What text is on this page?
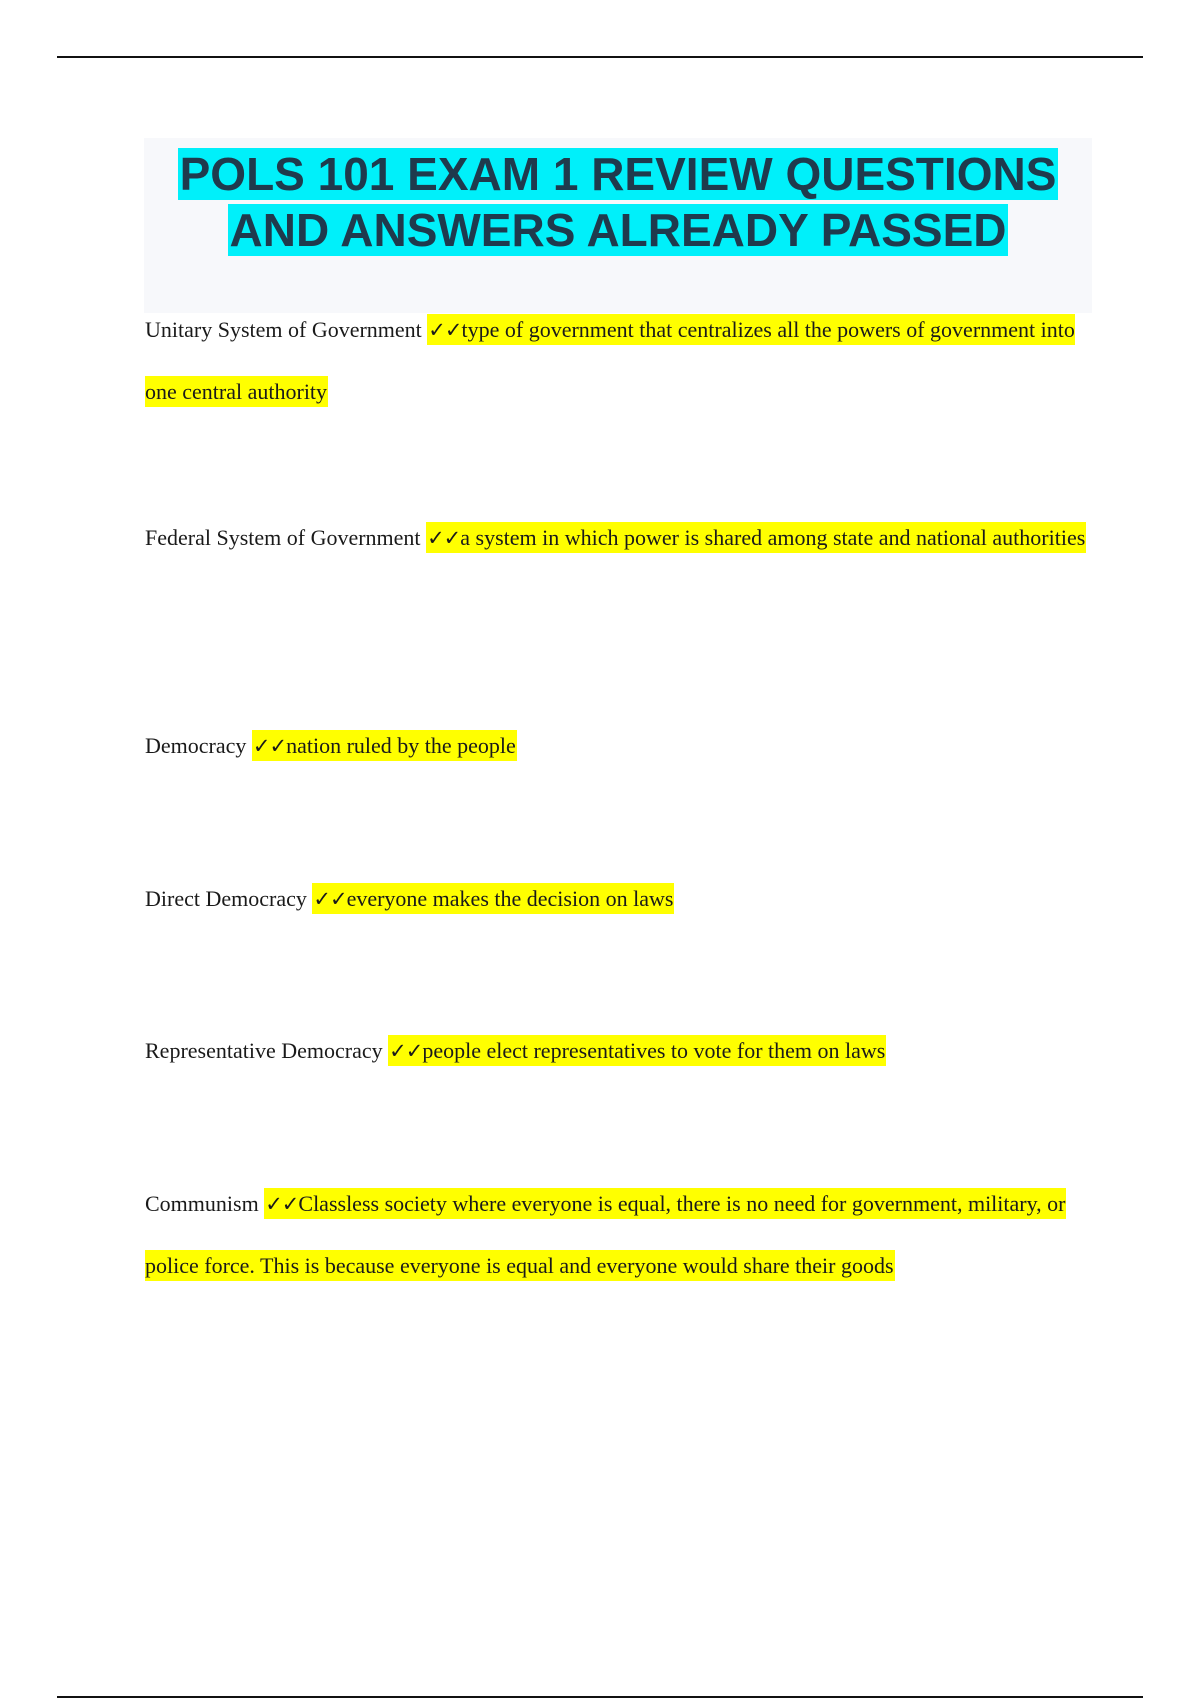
POLS 101 EXAM 1 REVIEW QUESTIONS
AND ANSWERS ALREADY PASSED
Unitary System of Government ✓✓type of government that centralizes all the powers of government into one central authority
Federal System of Government ✓✓a system in which power is shared among state and national authorities
Democracy ✓✓nation ruled by the people
Direct Democracy ✓✓everyone makes the decision on laws
Representative Democracy ✓✓people elect representatives to vote for them on laws
Communism ✓✓Classless society where everyone is equal, there is no need for government, military, or police force. This is because everyone is equal and everyone would share their goods
